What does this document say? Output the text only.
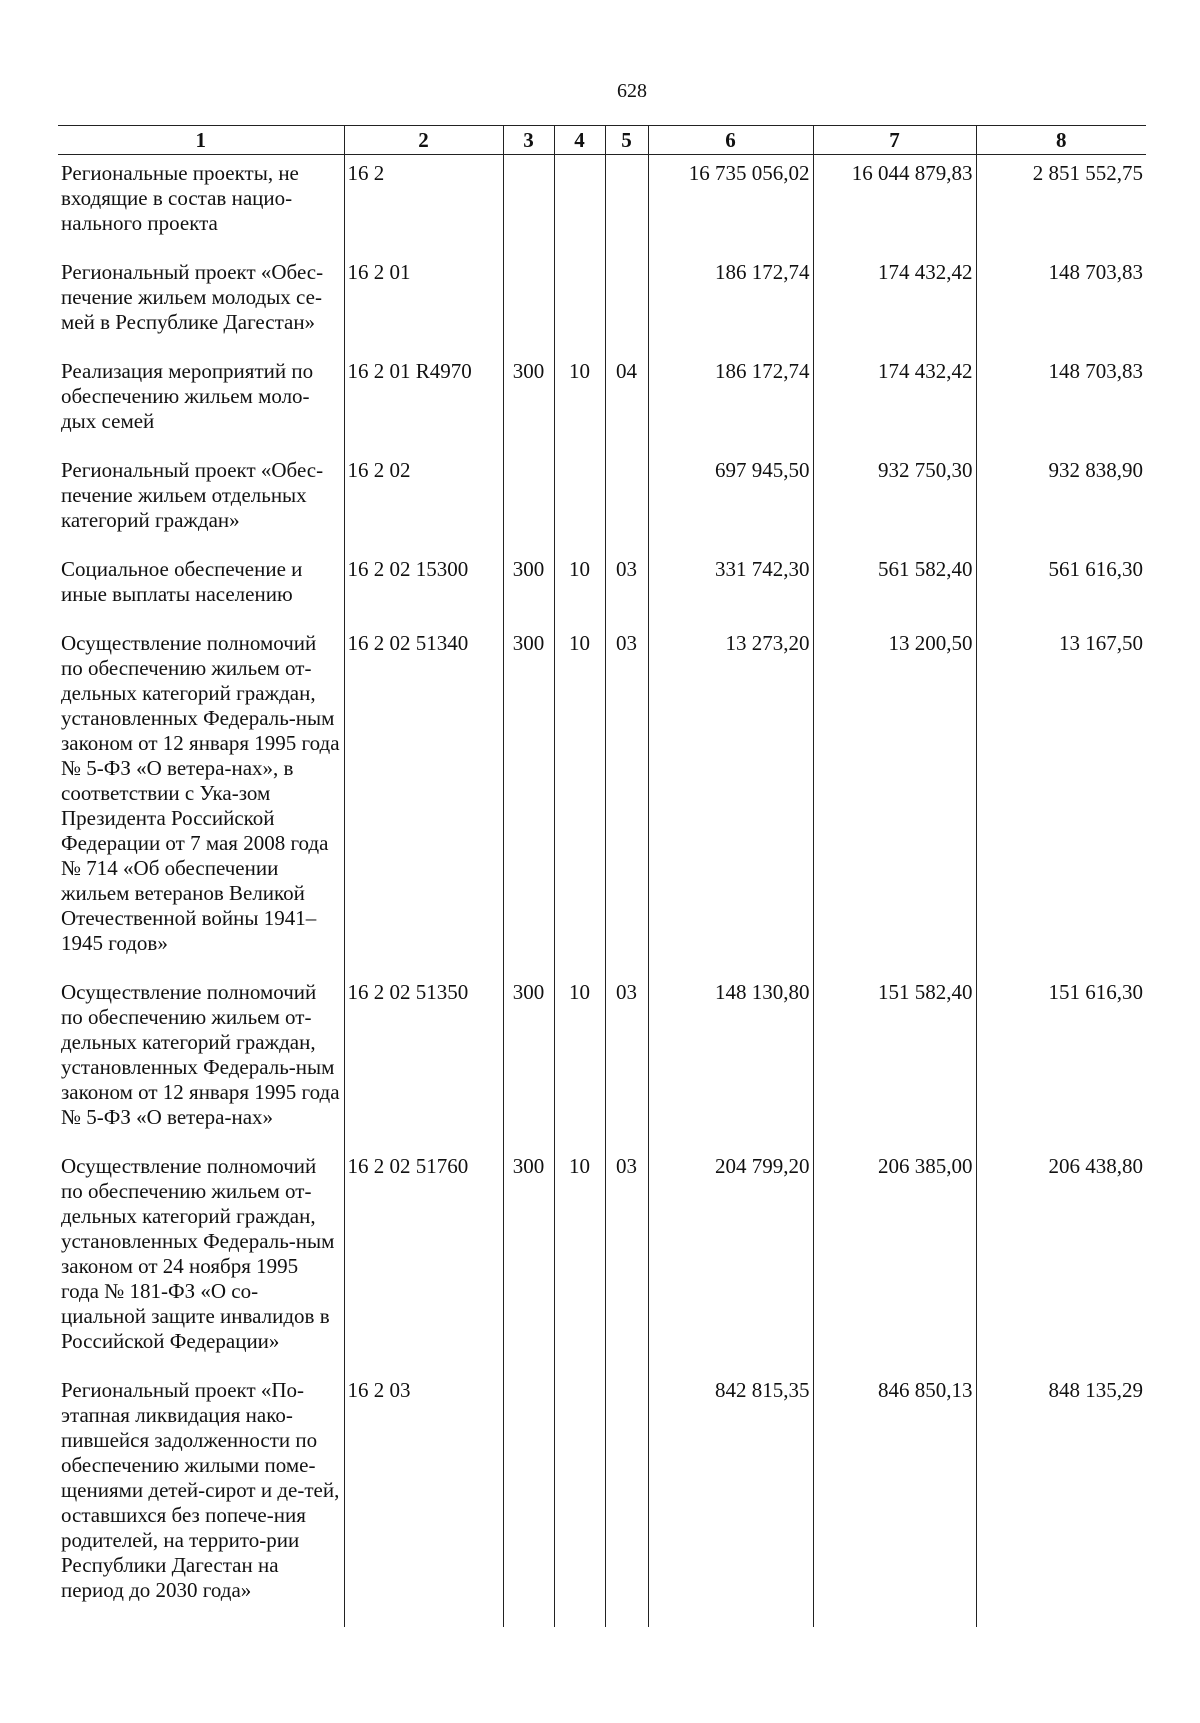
628
1	2	3	4	5	6	7	8
Региональные проекты, не входящие в состав нацио-нального проекта	16 2				16 735 056,02	16 044 879,83	2 851 552,75
Региональный проект «Обес-печение жильем молодых се-мей в Республике Дагестан»	16 2 01				186 172,74	174 432,42	148 703,83
Реализация мероприятий по обеспечению жильем моло-дых семей	16 2 01 R4970	300	10	04	186 172,74	174 432,42	148 703,83
Региональный проект «Обес-печение жильем отдельных категорий граждан»	16 2 02				697 945,50	932 750,30	932 838,90
Социальное обеспечение и иные выплаты населению	16 2 02 15300	300	10	03	331 742,30	561 582,40	561 616,30
Осуществление полномочий по обеспечению жильем от-дельных категорий граждан, установленных Федераль-ным законом от 12 января 1995 года № 5-ФЗ «О ветера-нах», в соответствии с Ука-зом Президента Российской Федерации от 7 мая 2008 года № 714 «Об обеспечении жильем ветеранов Великой Отечественной войны 1941–1945 годов»	16 2 02 51340	300	10	03	13 273,20	13 200,50	13 167,50
Осуществление полномочий по обеспечению жильем от-дельных категорий граждан, установленных Федераль-ным законом от 12 января 1995 года № 5-ФЗ «О ветера-нах»	16 2 02 51350	300	10	03	148 130,80	151 582,40	151 616,30
Осуществление полномочий по обеспечению жильем от-дельных категорий граждан, установленных Федераль-ным законом от 24 ноября 1995 года № 181-ФЗ «О со-циальной защите инвалидов в Российской Федерации»	16 2 02 51760	300	10	03	204 799,20	206 385,00	206 438,80
Региональный проект «По-этапная ликвидация нако-пившейся задолженности по обеспечению жилыми поме-щениями детей-сирот и де-тей, оставшихся без попече-ния родителей, на террито-рии Республики Дагестан на период до 2030 года»	16 2 03				842 815,35	846 850,13	848 135,29
